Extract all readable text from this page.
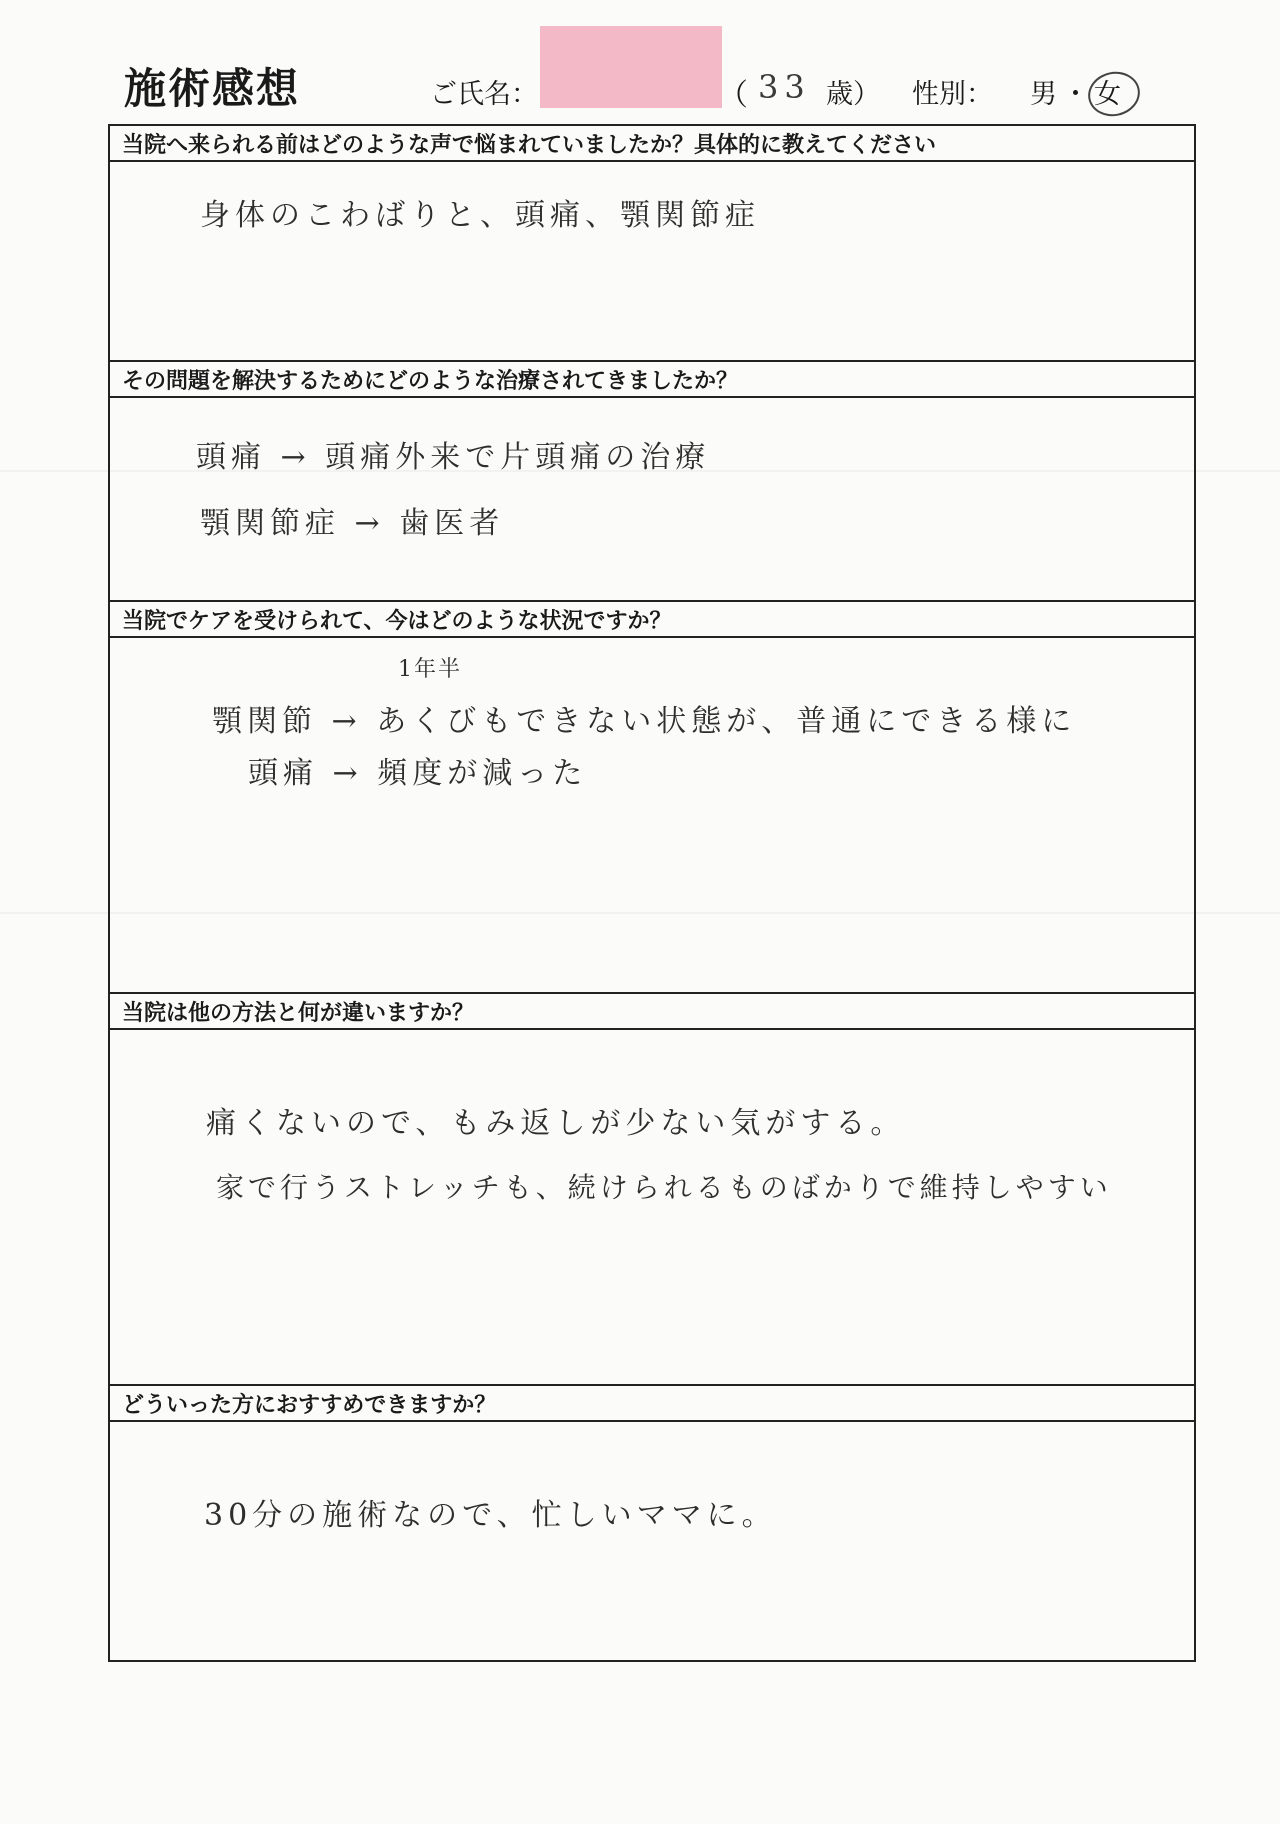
施術感想	ご氏名：	（ 33 歳） 性別： 男 ・ 女
当院へ来られる前はどのような声で悩まれていましたか？具体的に教えてください
身体のこわばりと、頭痛、顎関節症
その問題を解決するためにどのような治療されてきましたか？
頭痛 → 頭痛外来で片頭痛の治療
顎関節症 → 歯医者
当院でケアを受けられて、今はどのような状況ですか？
1年半
顎関節 → あくびもできない状態が、普通にできる様に
頭痛 → 頻度が減った
当院は他の方法と何が違いますか？
痛くないので、もみ返しが少ない気がする。
家で行うストレッチも、続けられるものばかりで維持しやすい
どういった方におすすめできますか？
30分の施術なので、忙しいママに。
